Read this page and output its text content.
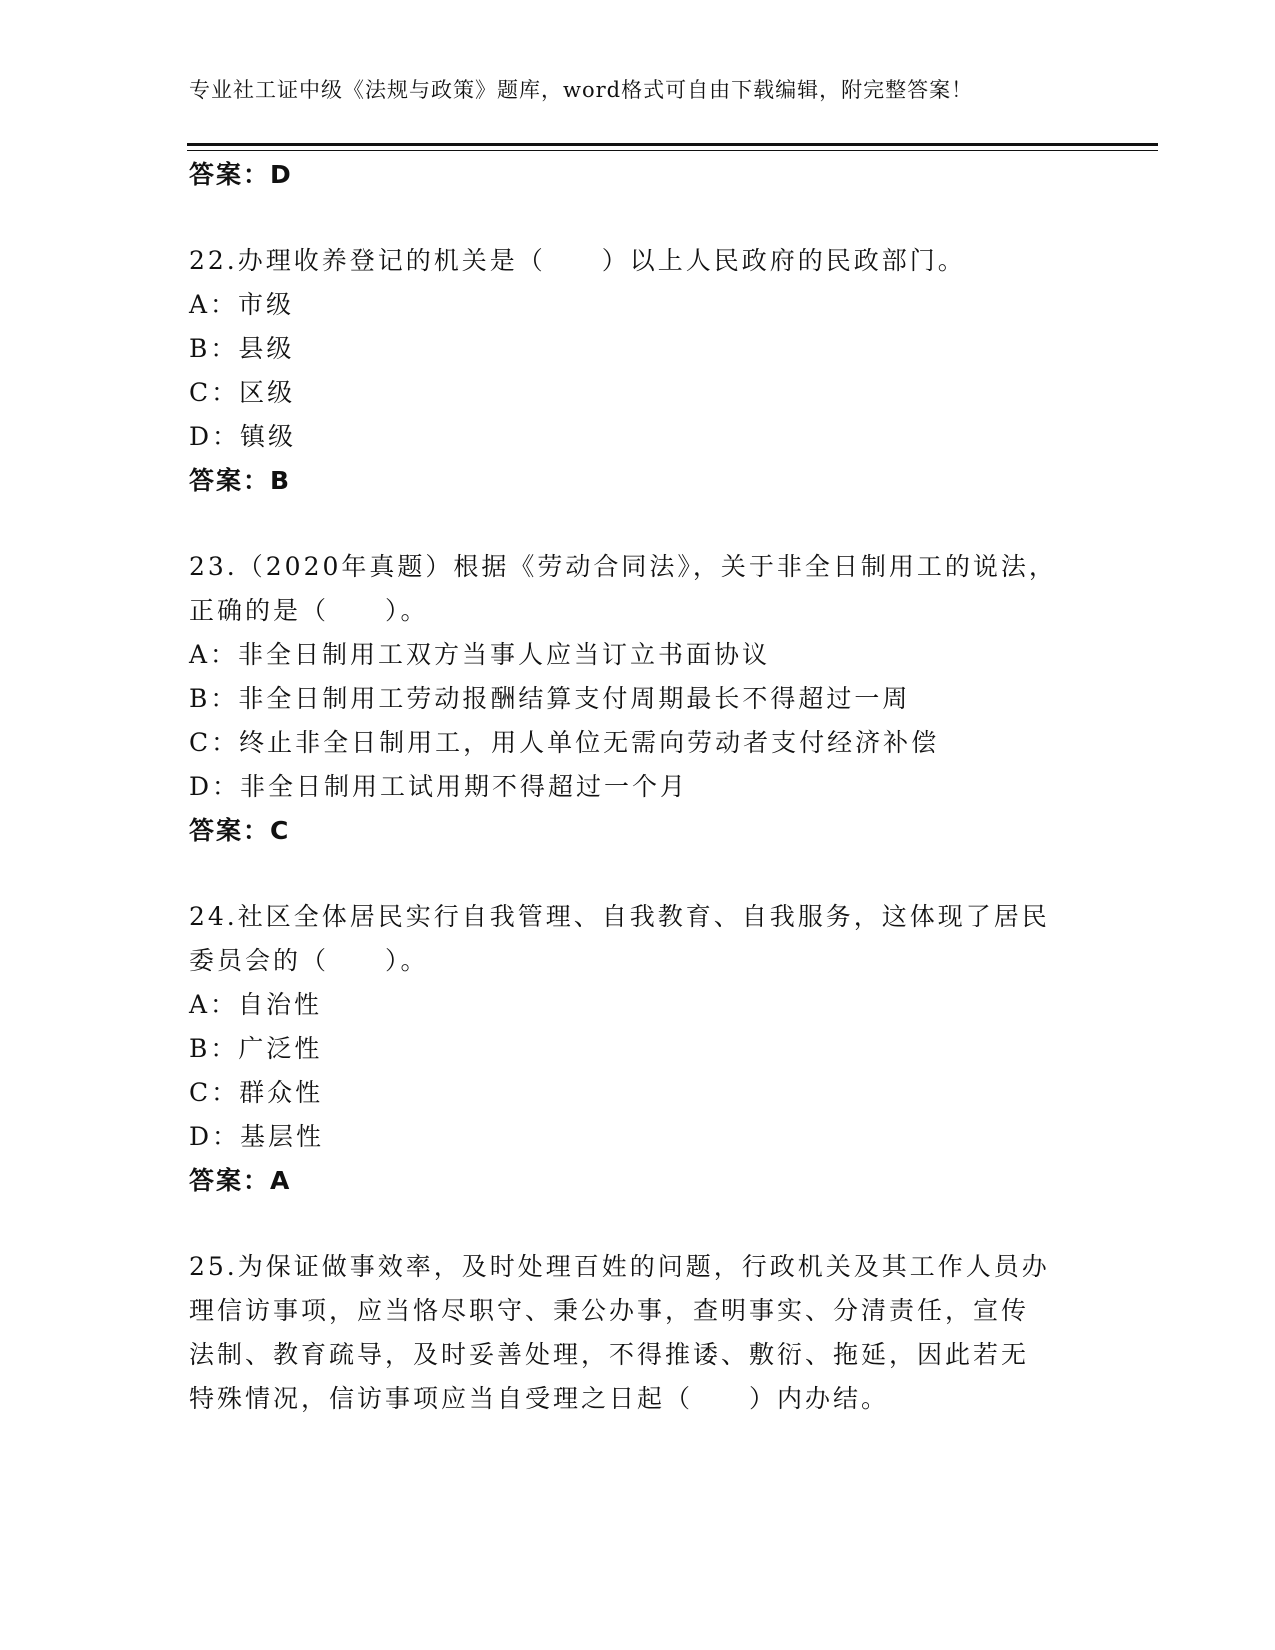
专业社工证中级《法规与政策》题库，word格式可自由下载编辑，附完整答案！
答案：D
22.办理收养登记的机关是（　　）以上人民政府的民政部门。
A：市级
B：县级
C：区级
D：镇级
答案：B
23.（2020年真题）根据《劳动合同法》，关于非全日制用工的说法，
正确的是（　　）。
A：非全日制用工双方当事人应当订立书面协议
B：非全日制用工劳动报酬结算支付周期最长不得超过一周
C：终止非全日制用工，用人单位无需向劳动者支付经济补偿
D：非全日制用工试用期不得超过一个月
答案：C
24.社区全体居民实行自我管理、自我教育、自我服务，这体现了居民
委员会的（　　）。
A：自治性
B：广泛性
C：群众性
D：基层性
答案：A
25.为保证做事效率，及时处理百姓的问题，行政机关及其工作人员办
理信访事项，应当恪尽职守、秉公办事，查明事实、分清责任，宣传
法制、教育疏导，及时妥善处理，不得推诿、敷衍、拖延，因此若无
特殊情况，信访事项应当自受理之日起（　　）内办结。
